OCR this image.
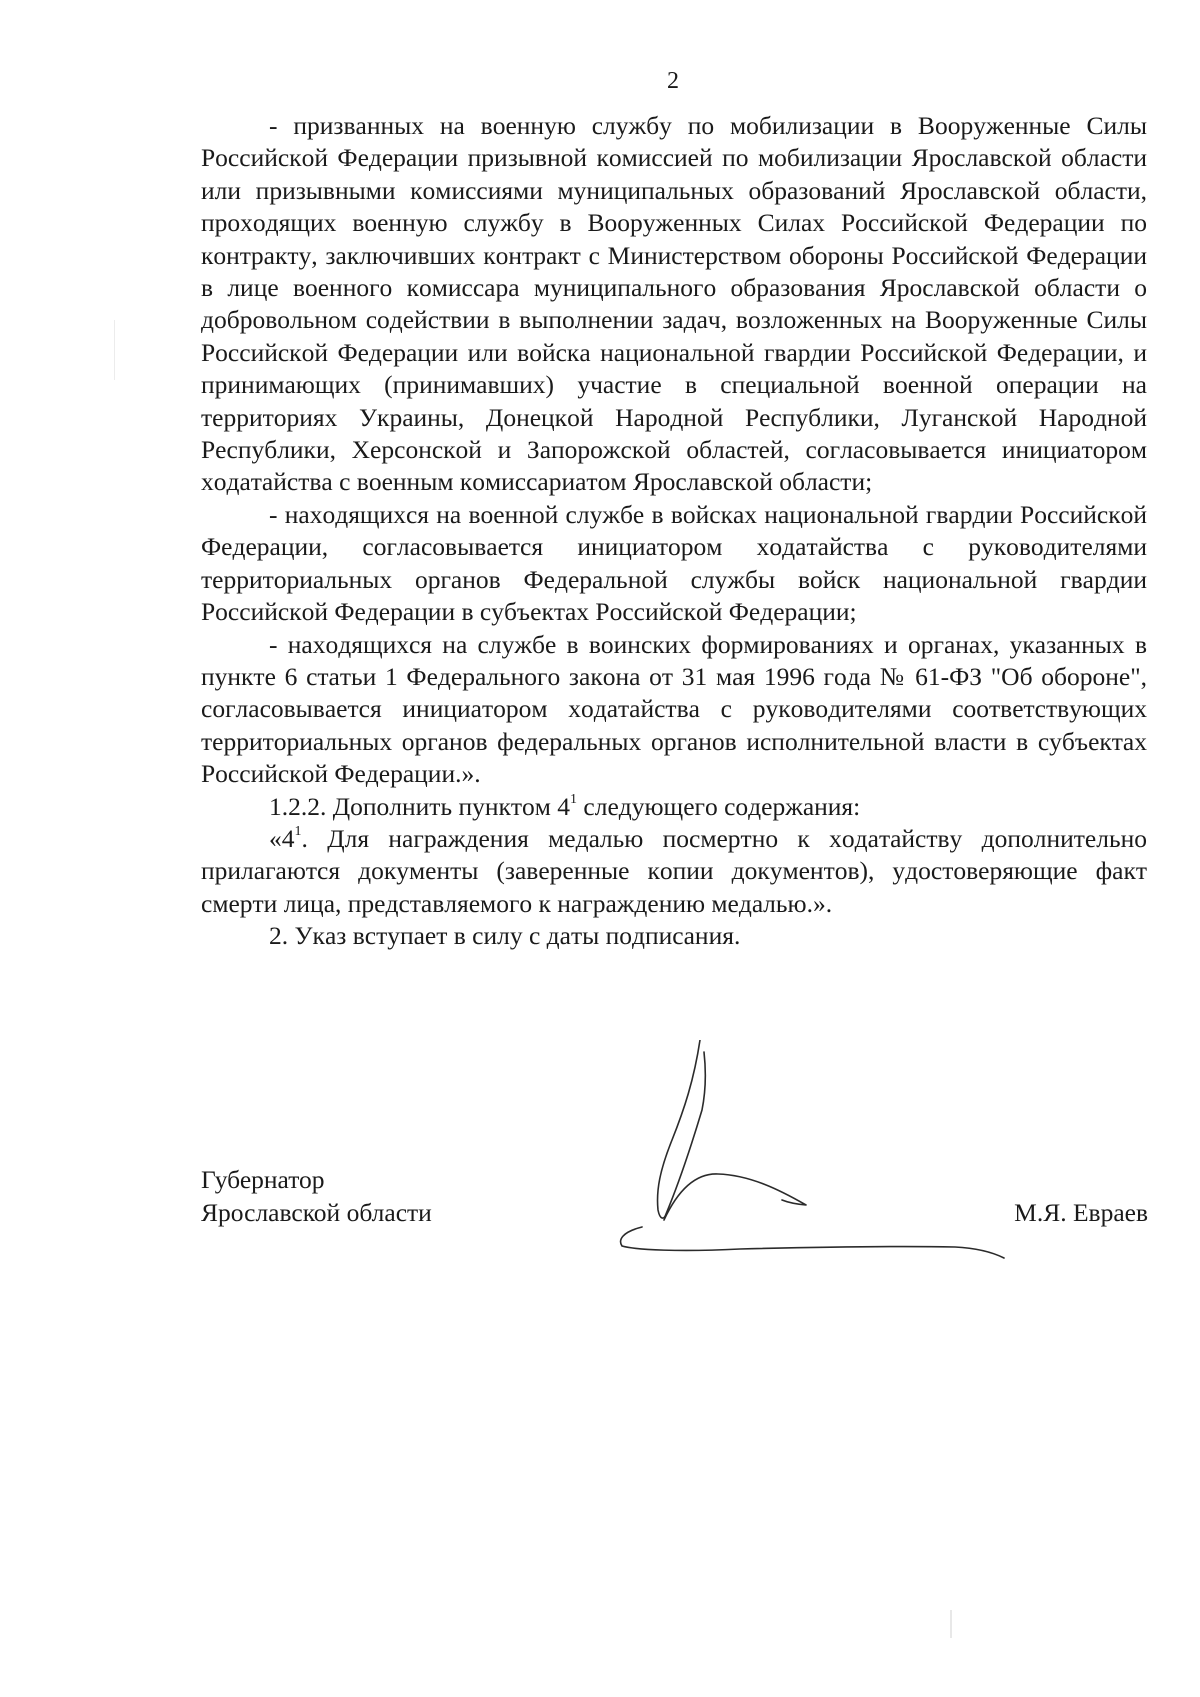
2

- призванных на военную службу по мобилизации в Вооруженные Силы Российской Федерации призывной комиссией по мобилизации Ярославской области или призывными комиссиями муниципальных образований Ярославской области, проходящих военную службу в Вооруженных Силах Российской Федерации по контракту, заключивших контракт с Министерством обороны Российской Федерации в лице военного комиссара муниципального образования Ярославской области о добровольном содействии в выполнении задач, возложенных на Вооруженные Силы Российской Федерации или войска национальной гвардии Российской Федерации, и принимающих (принимавших) участие в специальной военной операции на территориях Украины, Донецкой Народной Республики, Луганской Народной Республики, Херсонской и Запорожской областей, согласовывается инициатором ходатайства с военным комиссариатом Ярославской области;

- находящихся на военной службе в войсках национальной гвардии Российской Федерации, согласовывается инициатором ходатайства с руководителями территориальных органов Федеральной службы войск национальной гвардии Российской Федерации в субъектах Российской Федерации;

- находящихся на службе в воинских формированиях и органах, указанных в пункте 6 статьи 1 Федерального закона от 31 мая 1996 года № 61-ФЗ "Об обороне", согласовывается инициатором ходатайства с руководителями соответствующих территориальных органов федеральных органов исполнительной власти в субъектах Российской Федерации.».

1.2.2. Дополнить пунктом $4^1$ следующего содержания:

«$4^1$. Для награждения медалью посмертно к ходатайству дополнительно прилагаются документы (заверенные копии документов), удостоверяющие факт смерти лица, представляемого к награждению медалью.».

2. Указ вступает в силу с даты подписания.

Губернатор
Ярославской области	М.Я. Евраев
